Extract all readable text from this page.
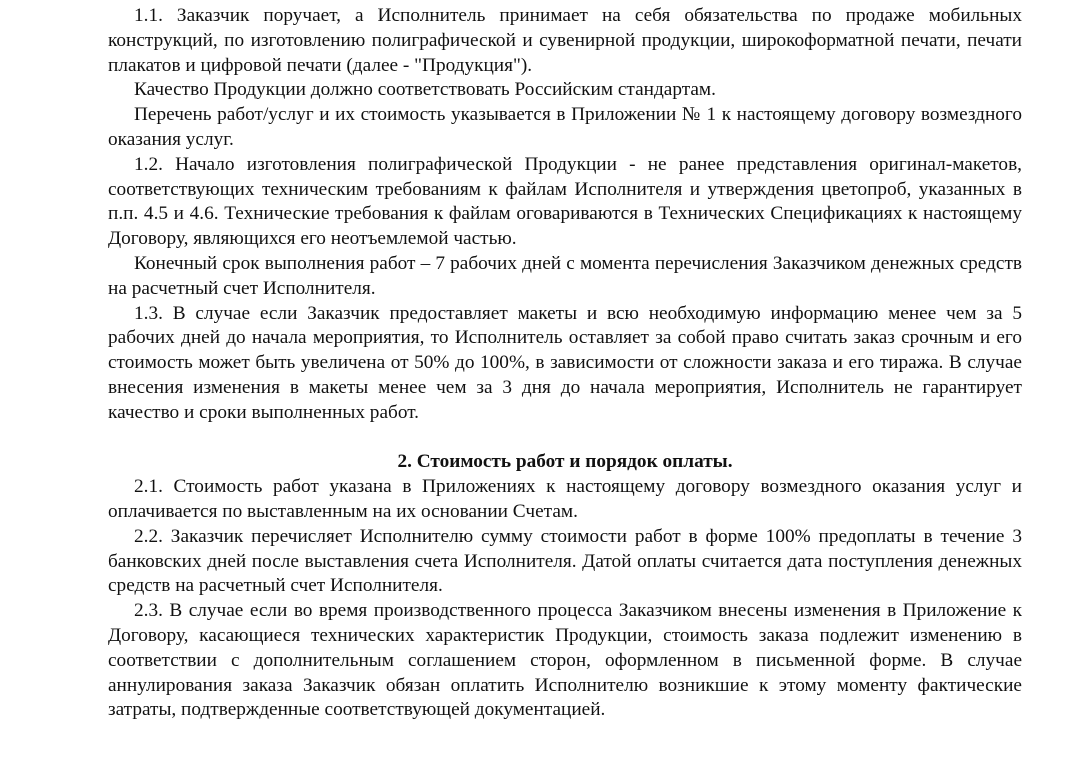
1.1. Заказчик поручает, а Исполнитель принимает на себя обязательства по продаже мобильных конструкций, по изготовлению полиграфической и сувенирной продукции, широкоформатной печати, печати плакатов и цифровой печати (далее - "Продукция").

Качество Продукции должно соответствовать Российским стандартам.

Перечень работ/услуг и их стоимость указывается в Приложении № 1 к настоящему договору возмездного оказания услуг.

1.2. Начало изготовления полиграфической Продукции - не ранее представления оригинал-макетов, соответствующих техническим требованиям к файлам Исполнителя и утверждения цветопроб, указанных в п.п. 4.5 и 4.6. Технические требования к файлам оговариваются в Технических Спецификациях к настоящему Договору, являющихся его неотъемлемой частью.

Конечный срок выполнения работ – 7 рабочих дней с момента перечисления Заказчиком денежных средств на расчетный счет Исполнителя.

1.3. В случае если Заказчик предоставляет макеты и всю необходимую информацию менее чем за 5 рабочих дней до начала мероприятия, то Исполнитель оставляет за собой право считать заказ срочным и его стоимость может быть увеличена от 50% до 100%, в зависимости от сложности заказа и его тиража. В случае внесения изменения в макеты менее чем за 3 дня до начала мероприятия, Исполнитель не гарантирует качество и сроки выполненных работ.

2. Стоимость работ и порядок оплаты.

2.1. Стоимость работ указана в Приложениях к настоящему договору возмездного оказания услуг и оплачивается по выставленным на их основании Счетам.

2.2. Заказчик перечисляет Исполнителю сумму стоимости работ в форме 100% предоплаты в течение 3 банковских дней после выставления счета Исполнителя. Датой оплаты считается дата поступления денежных средств на расчетный счет Исполнителя.

2.3. В случае если во время производственного процесса Заказчиком внесены изменения в Приложение к Договору, касающиеся технических характеристик Продукции, стоимость заказа подлежит изменению в соответствии с дополнительным соглашением сторон, оформленном в письменной форме. В случае аннулирования заказа Заказчик обязан оплатить Исполнителю возникшие к этому моменту фактические затраты, подтвержденные соответствующей документацией.
